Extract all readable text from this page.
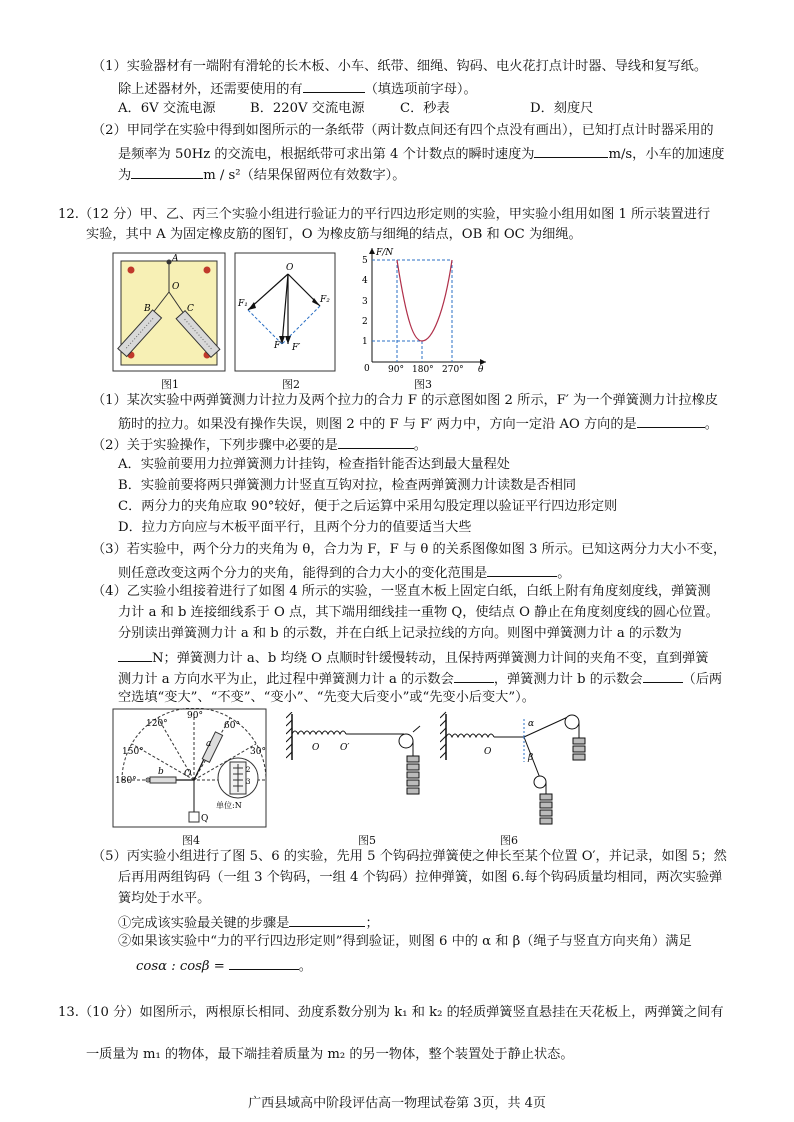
（1）实验器材有一端附有滑轮的长木板、小车、纸带、细绳、钩码、电火花打点计时器、导线和复写纸。
除上述器材外，还需要使用的有	（填选项前字母）。
A．6V 交流电源	B．220V 交流电源	C．秒表	D．刻度尺
（2）甲同学在实验中得到如图所示的一条纸带（两计数点间还有四个点没有画出），已知打点计时器采用的
是频率为 50Hz 的交流电，根据纸带可求出第 4 个计数点的瞬时速度为	m/s，小车的加速度
为	m / s²（结果保留两位有效数字）。
12.（12 分）甲、乙、丙三个实验小组进行验证力的平行四边形定则的实验，甲实验小组用如图 1 所示装置进行
实验，其中 A 为固定橡皮筋的图钉，O 为橡皮筋与细绳的结点，OB 和 OC 为细绳。
A
O
B	C
图1
O
F₁	F₂
F F′
图2
F/N
5
4
3
2
1
0 90° 180° 270° θ
图3
（1）某次实验中两弹簧测力计拉力及两个拉力的合力 F 的示意图如图 2 所示，F′ 为一个弹簧测力计拉橡皮
筋时的拉力。如果没有操作失误，则图 2 中的 F 与 F′ 两力中，方向一定沿 AO 方向的是	。
（2）关于实验操作，下列步骤中必要的是	。
A．实验前要用力拉弹簧测力计挂钩，检查指针能否达到最大量程处
B．实验前要将两只弹簧测力计竖直互钩对拉，检查两弹簧测力计读数是否相同
C．两分力的夹角应取 90°较好，便于之后运算中采用勾股定理以验证平行四边形定则
D．拉力方向应与木板平面平行，且两个分力的值要适当大些
（3）若实验中，两个分力的夹角为 θ，合力为 F，F 与 θ 的关系图像如图 3 所示。已知这两分力大小不变，
则任意改变这两个分力的夹角，能得到的合力大小的变化范围是	。
（4）乙实验小组接着进行了如图 4 所示的实验，一竖直木板上固定白纸，白纸上附有角度刻度线，弹簧测
力计 a 和 b 连接细线系于 O 点，其下端用细线挂一重物 Q，使结点 O 静止在角度刻度线的圆心位置。
分别读出弹簧测力计 a 和 b 的示数，并在白纸上记录拉线的方向。则图中弹簧测力计 a 的示数为
N；弹簧测力计 a、b 均绕 O 点顺时针缓慢转动，且保持两弹簧测力计间的夹角不变，直到弹簧
测力计 a 方向水平为止，此过程中弹簧测力计 a 的示数会	，弹簧测力计 b 的示数会	（后两
空选填“变大”、“不变”、“变小”、“先变大后变小”或“先变小后变大”）。
90°
120°	60°
150°	30°
180°
b
a
O
Q
2
3
单位:N
图4
O O′
图5
O
α
β
图6
（5）丙实验小组进行了图 5、6 的实验，先用 5 个钩码拉弹簧使之伸长至某个位置 O′，并记录，如图 5；然
后再用两组钩码（一组 3 个钩码，一组 4 个钩码）拉伸弹簧，如图 6.每个钩码质量均相同，两次实验弹
簧均处于水平。
①完成该实验最关键的步骤是	；
②如果该实验中“力的平行四边形定则”得到验证，则图 6 中的 α 和 β（绳子与竖直方向夹角）满足
cosα : cosβ =	。
13.（10 分）如图所示，两根原长相同、劲度系数分别为 k₁ 和 k₂ 的轻质弹簧竖直悬挂在天花板上，两弹簧之间有
一质量为 m₁ 的物体，最下端挂着质量为 m₂ 的另一物体，整个装置处于静止状态。
广西县域高中阶段评估高一物理试卷第 3页，共 4页
